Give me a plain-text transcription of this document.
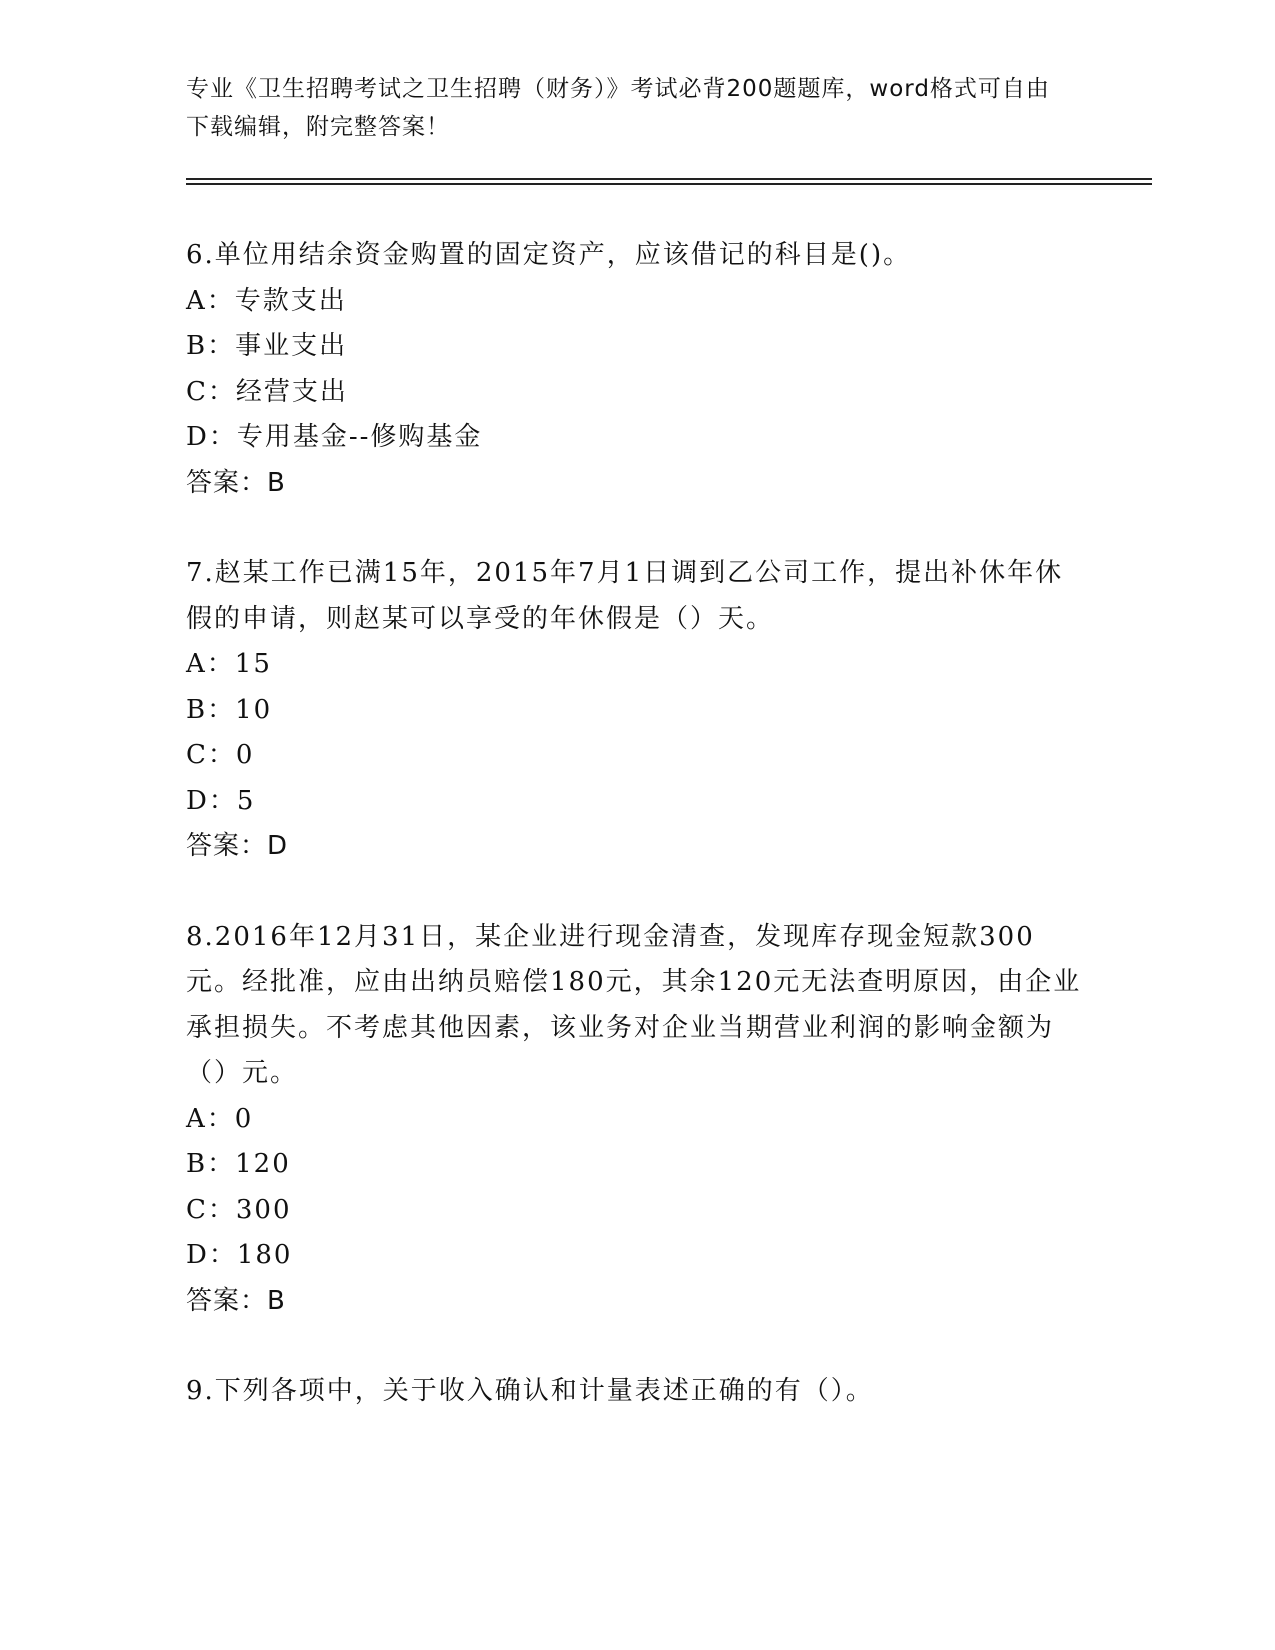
专业《卫生招聘考试之卫生招聘（财务）》考试必背200题题库，word格式可自由下载编辑，附完整答案！

6.单位用结余资金购置的固定资产，应该借记的科目是()。

A：专款支出

B：事业支出

C：经营支出

D：专用基金--修购基金

答案：B

7.赵某工作已满15年，2015年7月1日调到乙公司工作，提出补休年休假的申请，则赵某可以享受的年休假是（）天。

A：15

B：10

C：0

D：5

答案：D

8.2016年12月31日，某企业进行现金清查，发现库存现金短款300元。经批准，应由出纳员赔偿180元，其余120元无法查明原因，由企业承担损失。不考虑其他因素，该业务对企业当期营业利润的影响金额为（）元。

A：0

B：120

C：300

D：180

答案：B

9.下列各项中，关于收入确认和计量表述正确的有（）。
